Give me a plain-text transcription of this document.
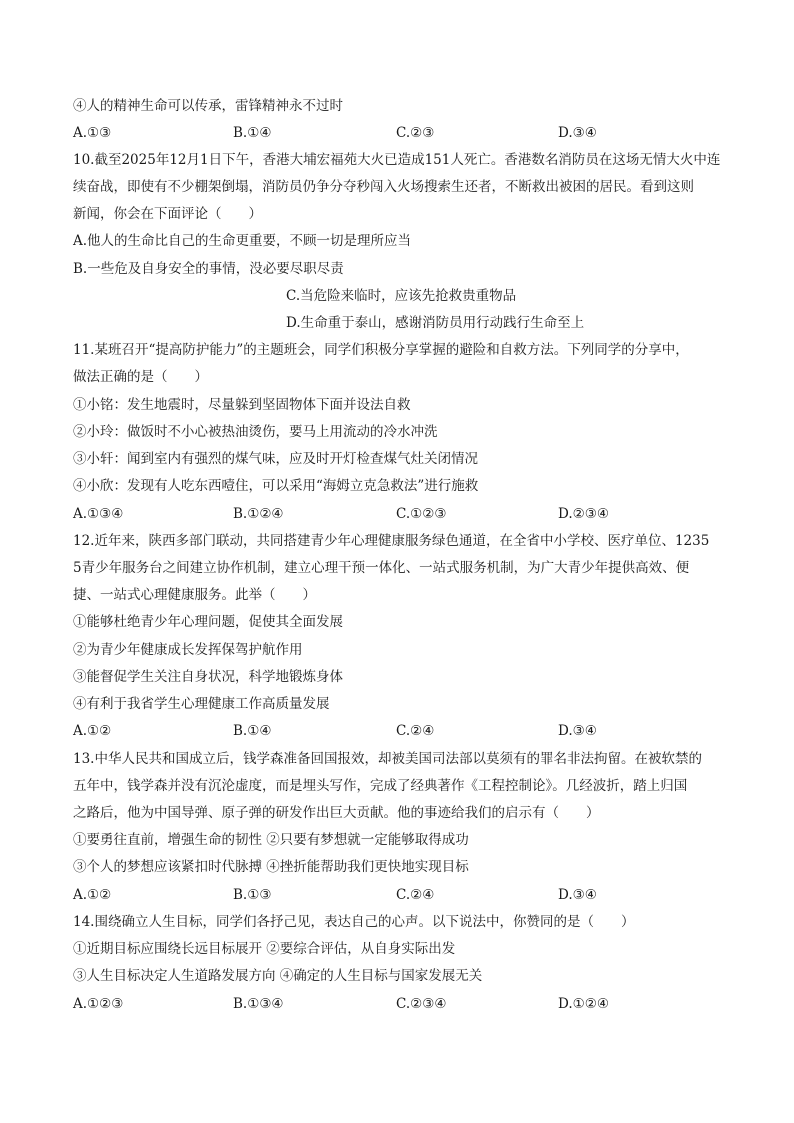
④人的精神生命可以传承，雷锋精神永不过时
A.①③	B.①④	C.②③	D.③④
10.截至2025年12月1日下午，香港大埔宏福苑大火已造成151人死亡。香港数名消防员在这场无情大火中连
续奋战，即使有不少棚架倒塌，消防员仍争分夺秒闯入火场搜索生还者，不断救出被困的居民。看到这则
新闻，你会在下面评论（　　）
A.他人的生命比自己的生命更重要，不顾一切是理所应当
B.一些危及自身安全的事情，没必要尽职尽责
C.当危险来临时，应该先抢救贵重物品
D.生命重于泰山，感谢消防员用行动践行生命至上
11.某班召开“提高防护能力”的主题班会，同学们积极分享掌握的避险和自救方法。下列同学的分享中，
做法正确的是（　　）
①小铭：发生地震时，尽量躲到坚固物体下面并设法自救
②小玲：做饭时不小心被热油烫伤，要马上用流动的冷水冲洗
③小轩：闻到室内有强烈的煤气味，应及时开灯检查煤气灶关闭情况
④小欣：发现有人吃东西噎住，可以采用“海姆立克急救法”进行施救
A.①③④	B.①②④	C.①②③	D.②③④
12.近年来，陕西多部门联动，共同搭建青少年心理健康服务绿色通道，在全省中小学校、医疗单位、1235
5青少年服务台之间建立协作机制，建立心理干预一体化、一站式服务机制，为广大青少年提供高效、便
捷、一站式心理健康服务。此举（　　）
①能够杜绝青少年心理问题，促使其全面发展
②为青少年健康成长发挥保驾护航作用
③能督促学生关注自身状况，科学地锻炼身体
④有利于我省学生心理健康工作高质量发展
A.①②	B.①④	C.②④	D.③④
13.中华人民共和国成立后，钱学森准备回国报效，却被美国司法部以莫须有的罪名非法拘留。在被软禁的
五年中，钱学森并没有沉沦虚度，而是埋头写作，完成了经典著作《工程控制论》。几经波折，踏上归国
之路后，他为中国导弹、原子弹的研发作出巨大贡献。他的事迹给我们的启示有（　　）
①要勇往直前，增强生命的韧性 ②只要有梦想就一定能够取得成功
③个人的梦想应该紧扣时代脉搏 ④挫折能帮助我们更快地实现目标
A.①②	B.①③	C.②④	D.③④
14.围绕确立人生目标，同学们各抒己见，表达自己的心声。以下说法中，你赞同的是（　　）
①近期目标应围绕长远目标展开 ②要综合评估，从自身实际出发
③人生目标决定人生道路发展方向 ④确定的人生目标与国家发展无关
A.①②③	B.①③④	C.②③④	D.①②④
